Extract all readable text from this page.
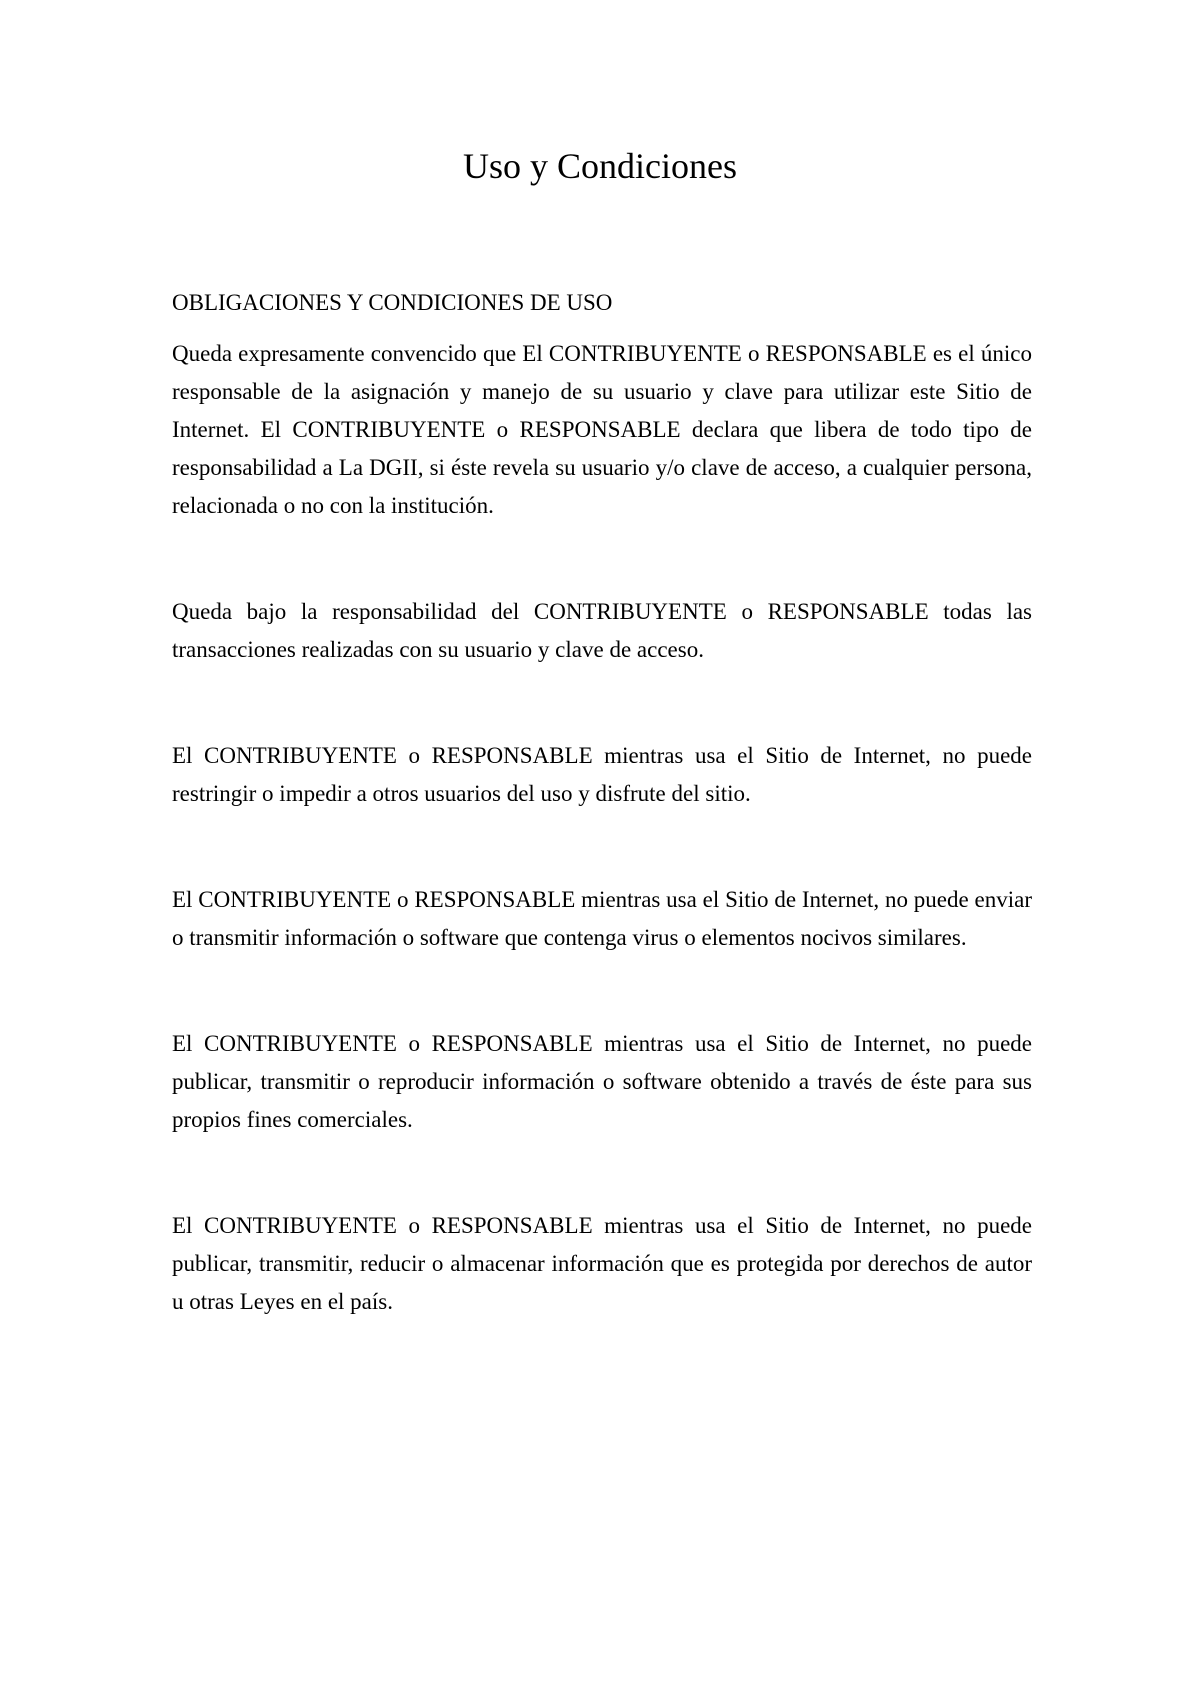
Uso y Condiciones
OBLIGACIONES Y CONDICIONES DE USO

Queda expresamente convencido que El CONTRIBUYENTE o RESPONSABLE es el único responsable de la asignación y manejo de su usuario y clave para utilizar este Sitio de Internet. El CONTRIBUYENTE o RESPONSABLE declara que libera de todo tipo de responsabilidad a La DGII, si éste revela su usuario y/o clave de acceso, a cualquier persona, relacionada o no con la institución.

Queda bajo la responsabilidad del CONTRIBUYENTE o RESPONSABLE todas las transacciones realizadas con su usuario y clave de acceso.

El CONTRIBUYENTE o RESPONSABLE mientras usa el Sitio de Internet, no puede restringir o impedir a otros usuarios del uso y disfrute del sitio.

El CONTRIBUYENTE o RESPONSABLE mientras usa el Sitio de Internet, no puede enviar o transmitir información o software que contenga virus o elementos nocivos similares.

El CONTRIBUYENTE o RESPONSABLE mientras usa el Sitio de Internet, no puede publicar, transmitir o reproducir información o software obtenido a través de éste para sus propios fines comerciales.

El CONTRIBUYENTE o RESPONSABLE mientras usa el Sitio de Internet, no puede publicar, transmitir, reducir o almacenar información que es protegida por derechos de autor u otras Leyes en el país.
